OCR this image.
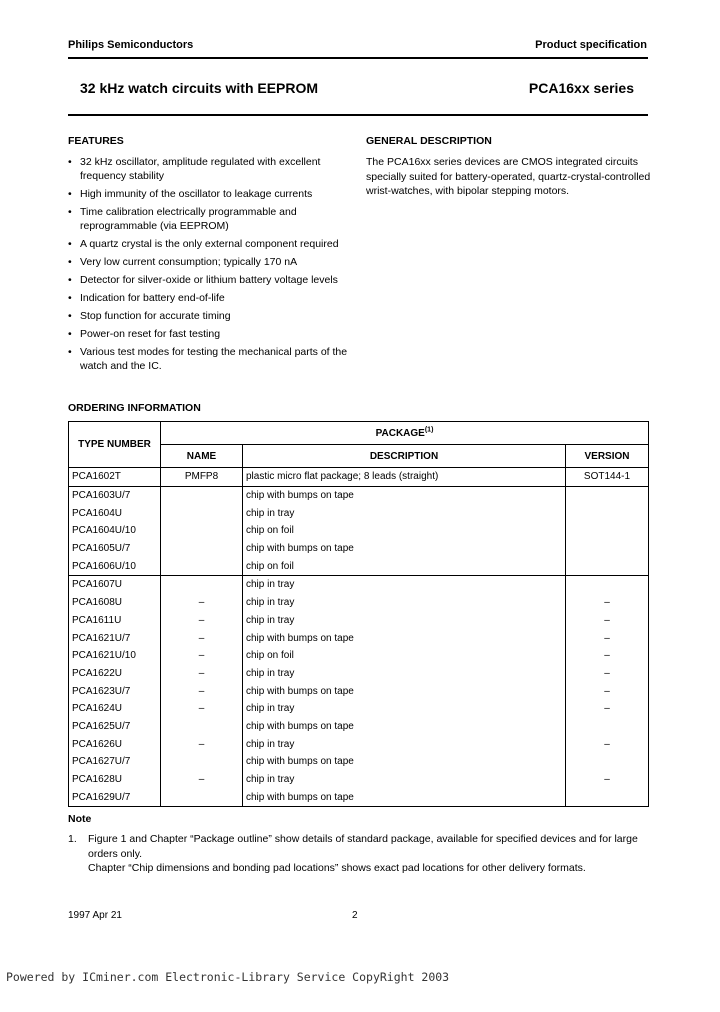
Philips Semiconductors	Product specification
32 kHz watch circuits with EEPROM	PCA16xx series
FEATURES
• 32 kHz oscillator, amplitude regulated with excellent frequency stability
• High immunity of the oscillator to leakage currents
• Time calibration electrically programmable and reprogrammable (via EEPROM)
• A quartz crystal is the only external component required
• Very low current consumption; typically 170 nA
• Detector for silver-oxide or lithium battery voltage levels
• Indication for battery end-of-life
• Stop function for accurate timing
• Power-on reset for fast testing
• Various test modes for testing the mechanical parts of the watch and the IC.
GENERAL DESCRIPTION

The PCA16xx series devices are CMOS integrated circuits specially suited for battery-operated, quartz-crystal-controlled wrist-watches, with bipolar stepping motors.

ORDERING INFORMATION
TYPE NUMBER	PACKAGE$^{(1)}$
	NAME	DESCRIPTION	VERSION
PCA1602T	PMFP8	plastic micro flat package; 8 leads (straight)	SOT144-1
PCA1603U/7		chip with bumps on tape	
PCA1604U		chip in tray	
PCA1604U/10		chip on foil	
PCA1605U/7		chip with bumps on tape	
PCA1606U/10		chip on foil	
PCA1607U		chip in tray	
PCA1608U	–	chip in tray	–
PCA1611U	–	chip in tray	–
PCA1621U/7	–	chip with bumps on tape	–
PCA1621U/10	–	chip on foil	–
PCA1622U	–	chip in tray	–
PCA1623U/7	–	chip with bumps on tape	–
PCA1624U	–	chip in tray	–
PCA1625U/7		chip with bumps on tape	
PCA1626U	–	chip in tray	–
PCA1627U/7		chip with bumps on tape	
PCA1628U	–	chip in tray	–
PCA1629U/7		chip with bumps on tape	
Note
1. Figure 1 and Chapter “Package outline” show details of standard package, available for specified devices and for large orders only.
Chapter “Chip dimensions and bonding pad locations” shows exact pad locations for other delivery formats.
1997 Apr 21	2
Powered by ICminer.com Electronic-Library Service CopyRight 2003
